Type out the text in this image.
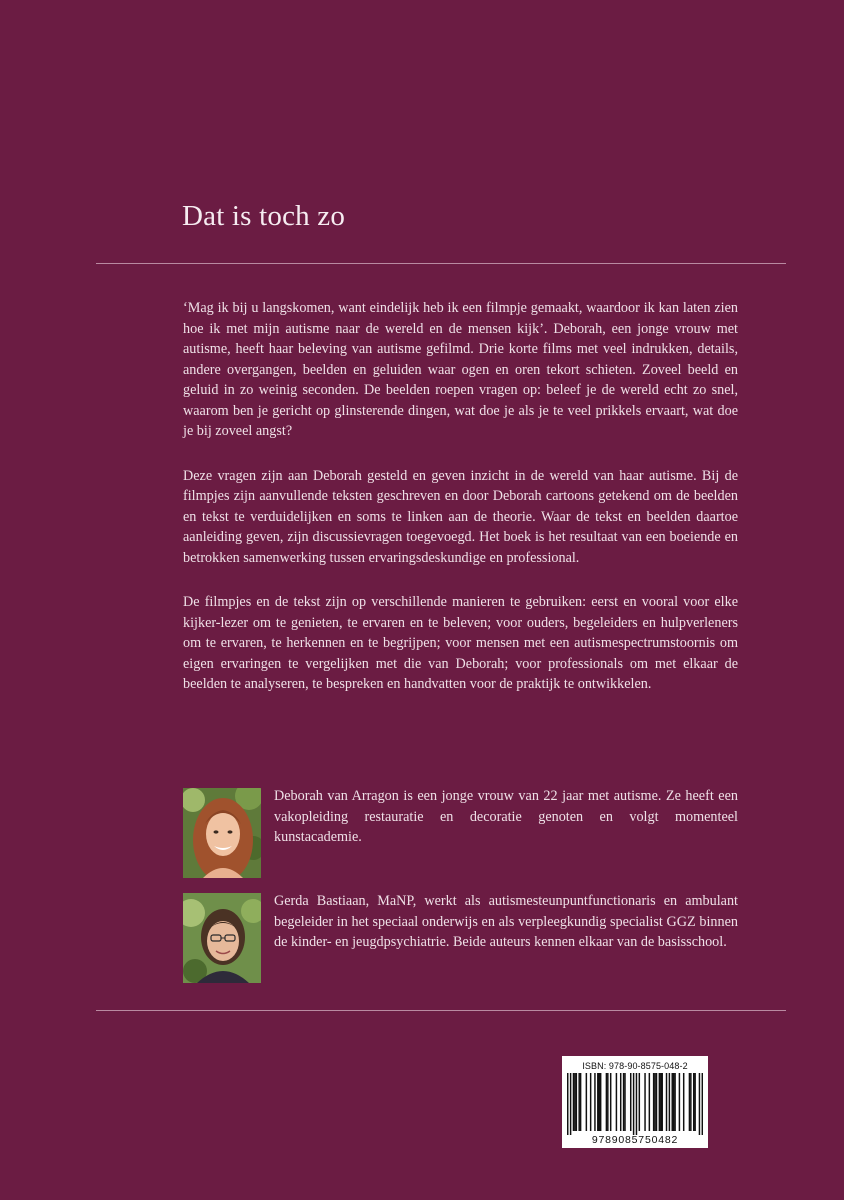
Dat is toch zo

‘Mag ik bij u langskomen, want eindelijk heb ik een filmpje gemaakt, waardoor ik kan laten zien hoe ik met mijn autisme naar de wereld en de mensen kijk’. Deborah, een jonge vrouw met autisme, heeft haar beleving van autisme gefilmd. Drie korte films met veel indrukken, details, andere overgangen, beelden en geluiden waar ogen en oren tekort schieten. Zoveel beeld en geluid in zo weinig seconden. De beelden roepen vragen op: beleef je de wereld echt zo snel, waarom ben je gericht op glinsterende dingen, wat doe je als je te veel prikkels ervaart, wat doe je bij zoveel angst?

Deze vragen zijn aan Deborah gesteld en geven inzicht in de wereld van haar autisme. Bij de filmpjes zijn aanvullende teksten geschreven en door Deborah cartoons getekend om de beelden en tekst te verduidelijken en soms te linken aan de theorie. Waar de tekst en beelden daartoe aanleiding geven, zijn discussievragen toegevoegd. Het boek is het resultaat van een boeiende en betrokken samenwerking tussen ervaringsdeskundige en professional.

De filmpjes en de tekst zijn op verschillende manieren te gebruiken: eerst en vooral voor elke kijker-lezer om te genieten, te ervaren en te beleven; voor ouders, begeleiders en hulpverleners om te ervaren, te herkennen en te begrijpen; voor mensen met een autismespectrumstoornis om eigen ervaringen te vergelijken met die van Deborah; voor professionals om met elkaar de beelden te analyseren, te bespreken en handvatten voor de praktijk te ontwikkelen.

Deborah van Arragon is een jonge vrouw van 22 jaar met autisme. Ze heeft een vakopleiding restauratie en decoratie genoten en volgt momenteel kunstacademie.

Gerda Bastiaan, MaNP, werkt als autismesteunpuntfunctionaris en ambulant begeleider in het speciaal onderwijs en als verpleegkundig specialist GGZ binnen de kinder- en jeugdpsychiatrie. Beide auteurs kennen elkaar van de basisschool.

ISBN: 978-90-8575-048-2
9789085750482
